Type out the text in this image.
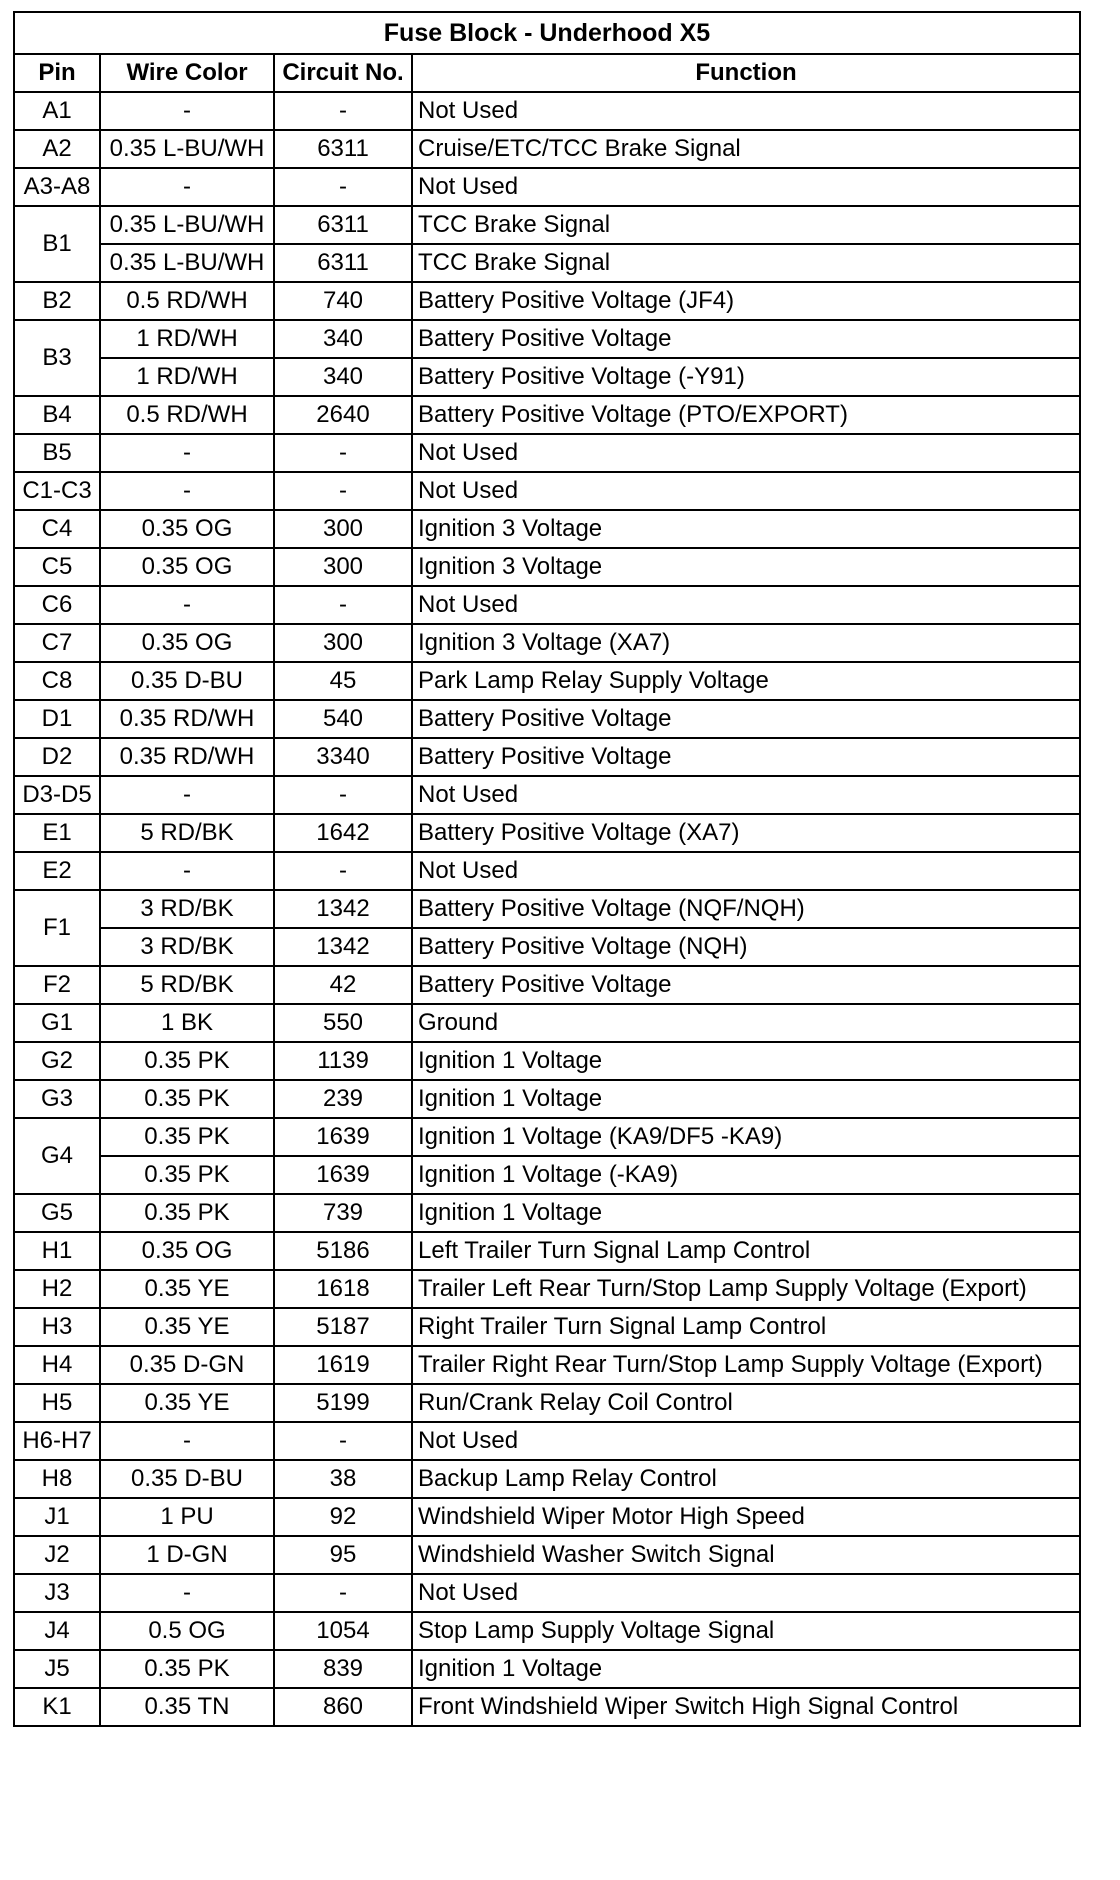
Fuse Block - Underhood X5			
Pin	Wire Color	Circuit No.	Function
A1	-	-	Not Used
A2	0.35 L-BU/WH	6311	Cruise/ETC/TCC Brake Signal
A3-A8	-	-	Not Used
B1	0.35 L-BU/WH	6311	TCC Brake Signal
	0.35 L-BU/WH	6311	TCC Brake Signal
B2	0.5 RD/WH	740	Battery Positive Voltage (JF4)
B3	1 RD/WH	340	Battery Positive Voltage
	1 RD/WH	340	Battery Positive Voltage (-Y91)
B4	0.5 RD/WH	2640	Battery Positive Voltage (PTO/EXPORT)
B5	-	-	Not Used
C1-C3	-	-	Not Used
C4	0.35 OG	300	Ignition 3 Voltage
C5	0.35 OG	300	Ignition 3 Voltage
C6	-	-	Not Used
C7	0.35 OG	300	Ignition 3 Voltage (XA7)
C8	0.35 D-BU	45	Park Lamp Relay Supply Voltage
D1	0.35 RD/WH	540	Battery Positive Voltage
D2	0.35 RD/WH	3340	Battery Positive Voltage
D3-D5	-	-	Not Used
E1	5 RD/BK	1642	Battery Positive Voltage (XA7)
E2	-	-	Not Used
F1	3 RD/BK	1342	Battery Positive Voltage (NQF/NQH)
	3 RD/BK	1342	Battery Positive Voltage (NQH)
F2	5 RD/BK	42	Battery Positive Voltage
G1	1 BK	550	Ground
G2	0.35 PK	1139	Ignition 1 Voltage
G3	0.35 PK	239	Ignition 1 Voltage
G4	0.35 PK	1639	Ignition 1 Voltage (KA9/DF5 -KA9)
	0.35 PK	1639	Ignition 1 Voltage (-KA9)
G5	0.35 PK	739	Ignition 1 Voltage
H1	0.35 OG	5186	Left Trailer Turn Signal Lamp Control
H2	0.35 YE	1618	Trailer Left Rear Turn/Stop Lamp Supply Voltage (Export)
H3	0.35 YE	5187	Right Trailer Turn Signal Lamp Control
H4	0.35 D-GN	1619	Trailer Right Rear Turn/Stop Lamp Supply Voltage (Export)
H5	0.35 YE	5199	Run/Crank Relay Coil Control
H6-H7	-	-	Not Used
H8	0.35 D-BU	38	Backup Lamp Relay Control
J1	1 PU	92	Windshield Wiper Motor High Speed
J2	1 D-GN	95	Windshield Washer Switch Signal
J3	-	-	Not Used
J4	0.5 OG	1054	Stop Lamp Supply Voltage Signal
J5	0.35 PK	839	Ignition 1 Voltage
K1	0.35 TN	860	Front Windshield Wiper Switch High Signal Control
